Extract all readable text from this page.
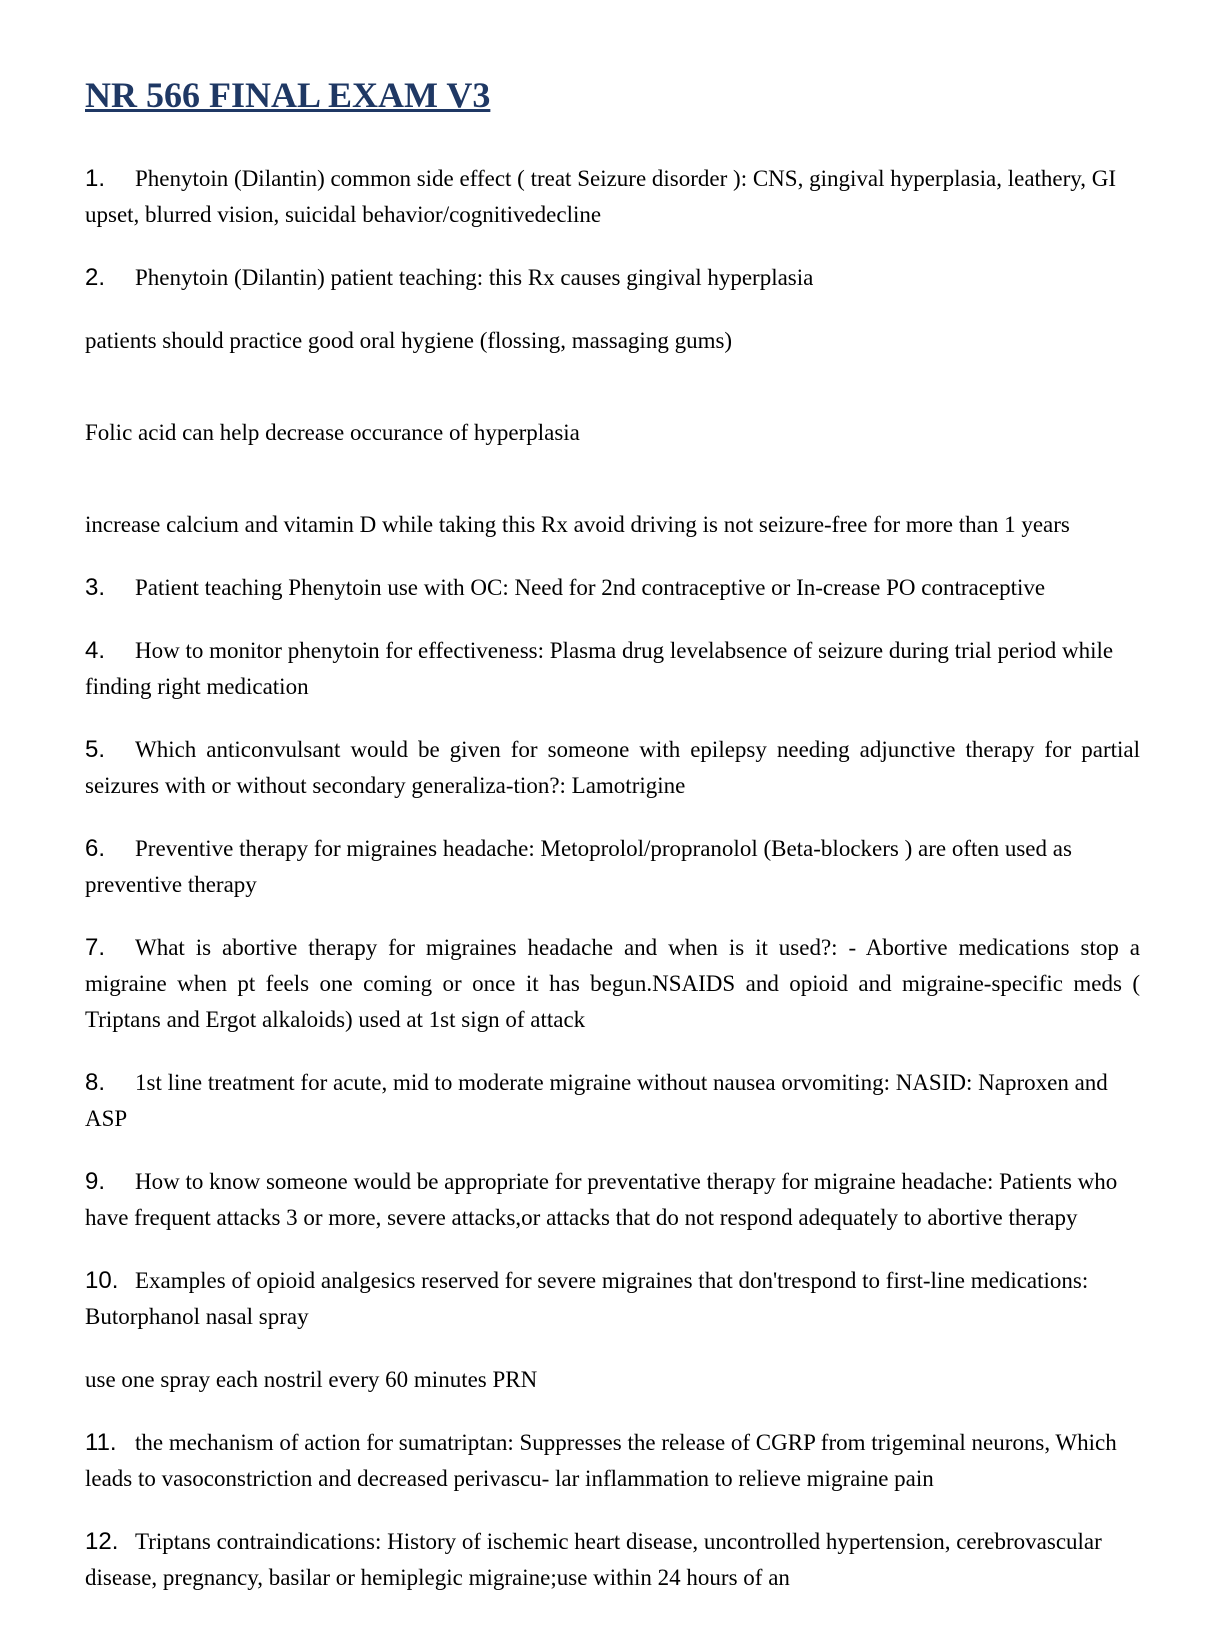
NR 566 FINAL EXAM V3

1. Phenytoin (Dilantin) common side effect ( treat Seizure disorder ): CNS, gingival hyperplasia, leathery, GI upset, blurred vision, suicidal behavior/cognitivedecline

2. Phenytoin (Dilantin) patient teaching: this Rx causes gingival hyperplasia

patients should practice good oral hygiene (flossing, massaging gums)

Folic acid can help decrease occurance of hyperplasia

increase calcium and vitamin D while taking this Rx avoid driving is not seizure-free for more than 1 years

3. Patient teaching Phenytoin use with OC: Need for 2nd contraceptive or In-crease PO contraceptive

4. How to monitor phenytoin for effectiveness: Plasma drug levelabsence of seizure during trial period while finding right medication

5. Which anticonvulsant would be given for someone with epilepsy needing adjunctive therapy for partial seizures with or without secondary generaliza-tion?: Lamotrigine

6. Preventive therapy for migraines headache: Metoprolol/propranolol (Beta-blockers ) are often used as preventive therapy

7. What is abortive therapy for migraines headache and when is it used?: - Abortive medications stop a migraine when pt feels one coming or once it has begun.NSAIDS and opioid and migraine-specific meds ( Triptans and Ergot alkaloids) used at 1st sign of attack

8. 1st line treatment for acute, mid to moderate migraine without nausea orvomiting: NASID: Naproxen and ASP

9. How to know someone would be appropriate for preventative therapy for migraine headache: Patients who have frequent attacks 3 or more, severe attacks,or attacks that do not respond adequately to abortive therapy

10. Examples of opioid analgesics reserved for severe migraines that don'trespond to first-line medications: Butorphanol nasal spray

use one spray each nostril every 60 minutes PRN

11. the mechanism of action for sumatriptan: Suppresses the release of CGRP from trigeminal neurons, Which leads to vasoconstriction and decreased perivascu- lar inflammation to relieve migraine pain

12. Triptans contraindications: History of ischemic heart disease, uncontrolled hypertension, cerebrovascular disease, pregnancy, basilar or hemiplegic migraine;use within 24 hours of an
